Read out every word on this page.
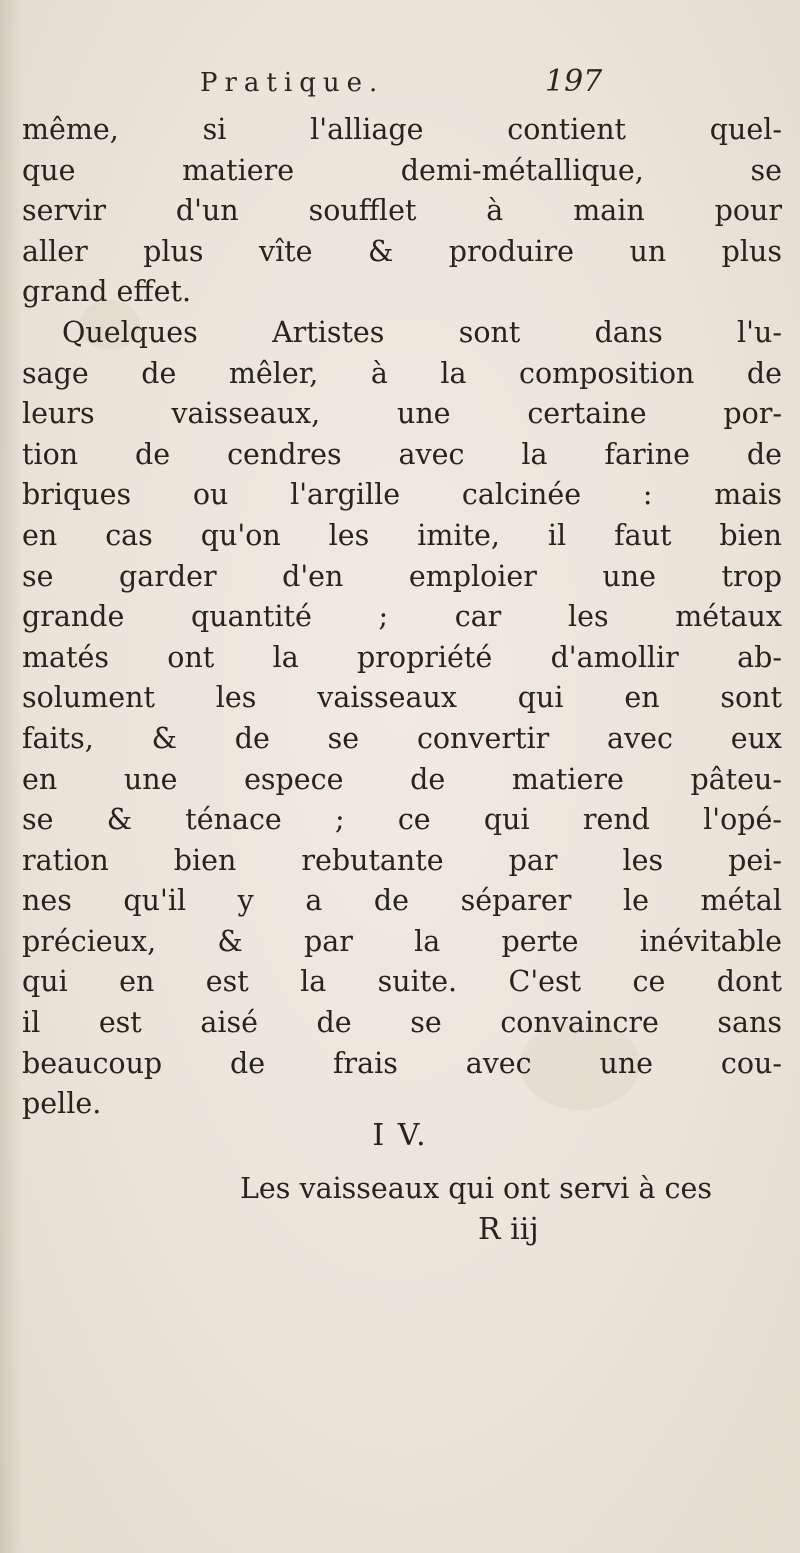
Pratique.	197
même, si l'alliage contient quel-
que matiere demi-métallique, se
servir d'un soufflet à main pour
aller plus vîte & produire un plus
grand effet.
Quelques Artistes sont dans l'u-
sage de mêler, à la composition de
leurs vaisseaux, une certaine por-
tion de cendres avec la farine de
briques ou l'argille calcinée : mais
en cas qu'on les imite, il faut bien
se garder d'en emploier une trop
grande quantité ; car les métaux
matés ont la propriété d'amollir ab-
solument les vaisseaux qui en sont
faits, & de se convertir avec eux
en une espece de matiere pâteu-
se & ténace ; ce qui rend l'opé-
ration bien rebutante par les pei-
nes qu'il y a de séparer le métal
précieux, & par la perte inévitable
qui en est la suite. C'est ce dont
il est aisé de se convaincre sans
beaucoup de frais avec une cou-
pelle.
I V.
Les vaisseaux qui ont servi à ces
R iij
